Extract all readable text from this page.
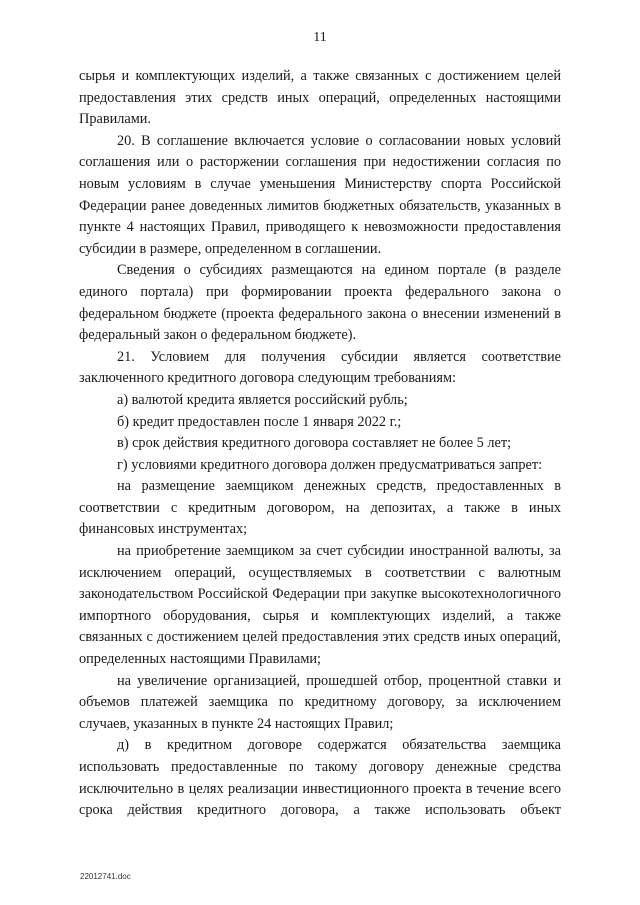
11

сырья и комплектующих изделий, а также связанных с достижением целей предоставления этих средств иных операций, определенных настоящими Правилами.

20. В соглашение включается условие о согласовании новых условий соглашения или о расторжении соглашения при недостижении согласия по новым условиям в случае уменьшения Министерству спорта Российской Федерации ранее доведенных лимитов бюджетных обязательств, указанных в пункте 4 настоящих Правил, приводящего к невозможности предоставления субсидии в размере, определенном в соглашении.

Сведения о субсидиях размещаются на едином портале (в разделе единого портала) при формировании проекта федерального закона о федеральном бюджете (проекта федерального закона о внесении изменений в федеральный закон о федеральном бюджете).

21. Условием для получения субсидии является соответствие заключенного кредитного договора следующим требованиям:

а) валютой кредита является российский рубль;

б) кредит предоставлен после 1 января 2022 г.;

в) срок действия кредитного договора составляет не более 5 лет;

г) условиями кредитного договора должен предусматриваться запрет:

на размещение заемщиком денежных средств, предоставленных в соответствии с кредитным договором, на депозитах, а также в иных финансовых инструментах;

на приобретение заемщиком за счет субсидии иностранной валюты, за исключением операций, осуществляемых в соответствии с валютным законодательством Российской Федерации при закупке высокотехнологичного импортного оборудования, сырья и комплектующих изделий, а также связанных с достижением целей предоставления этих средств иных операций, определенных настоящими Правилами;

на увеличение организацией, прошедшей отбор, процентной ставки и объемов платежей заемщика по кредитному договору, за исключением случаев, указанных в пункте 24 настоящих Правил;

д) в кредитном договоре содержатся обязательства заемщика использовать предоставленные по такому договору денежные средства исключительно в целях реализации инвестиционного проекта в течение всего срока действия кредитного договора, а также использовать объект

22012741.doc
